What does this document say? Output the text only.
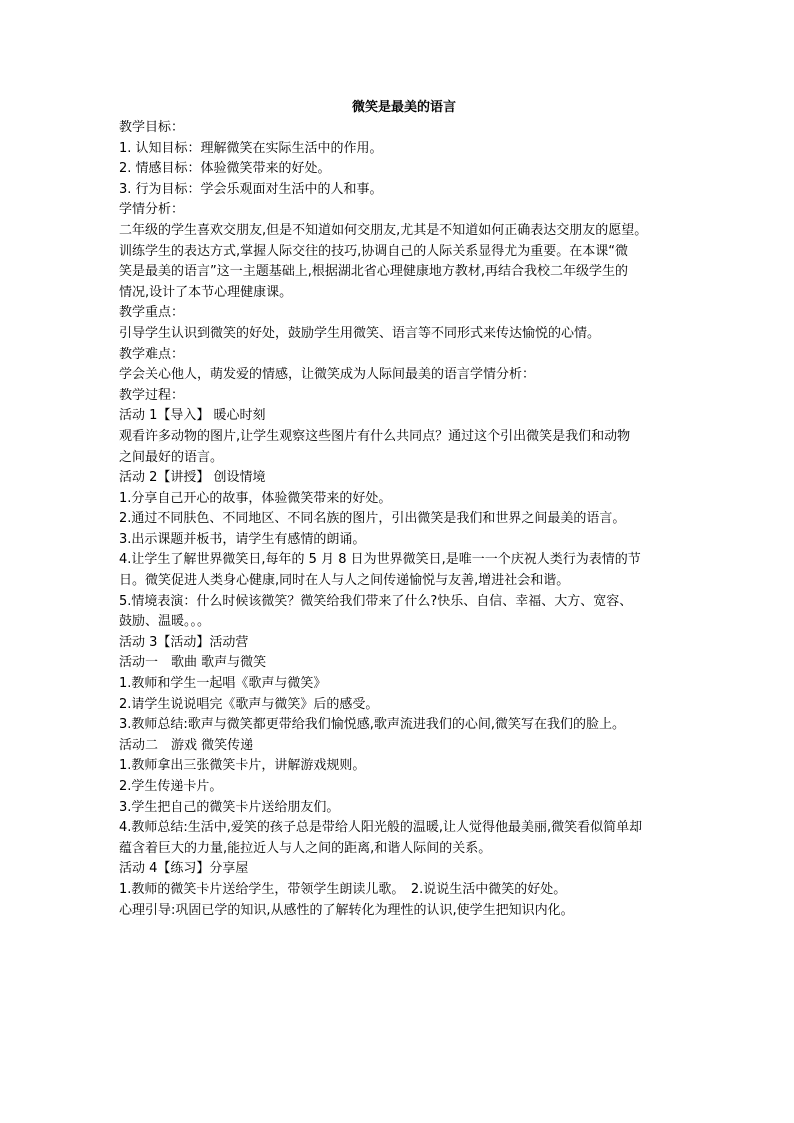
微笑是最美的语言

教学目标：

1. 认知目标：理解微笑在实际生活中的作用。

2. 情感目标：体验微笑带来的好处。

3. 行为目标：学会乐观面对生活中的人和事。

学情分析：

二年级的学生喜欢交朋友,但是不知道如何交朋友,尤其是不知道如何正确表达交朋友的愿望。

训练学生的表达方式,掌握人际交往的技巧,协调自己的人际关系显得尤为重要。在本课“微

笑是最美的语言”这一主题基础上,根据湖北省心理健康地方教材,再结合我校二年级学生的

情况,设计了本节心理健康课。

教学重点：

引导学生认识到微笑的好处，鼓励学生用微笑、语言等不同形式来传达愉悦的心情。

教学难点：

学会关心他人，萌发爱的情感，让微笑成为人际间最美的语言学情分析：

教学过程：

活动 1【导入】 暖心时刻

观看许多动物的图片,让学生观察这些图片有什么共同点？通过这个引出微笑是我们和动物

之间最好的语言。

活动 2【讲授】 创设情境

1.分享自己开心的故事，体验微笑带来的好处。

2.通过不同肤色、不同地区、不同名族的图片，引出微笑是我们和世界之间最美的语言。

3.出示课题并板书，请学生有感情的朗诵。

4.让学生了解世界微笑日,每年的 5 月 8 日为世界微笑日,是唯一一个庆祝人类行为表情的节

日。微笑促进人类身心健康,同时在人与人之间传递愉悦与友善,增进社会和谐。

5.情境表演：什么时候该微笑？微笑给我们带来了什么?快乐、自信、幸福、大方、宽容、

鼓励、温暖。。。

活动 3【活动】活动营

活动一　歌曲 歌声与微笑

1.教师和学生一起唱《歌声与微笑》

2.请学生说说唱完《歌声与微笑》后的感受。

3.教师总结:歌声与微笑都更带给我们愉悦感,歌声流进我们的心间,微笑写在我们的脸上。

活动二　游戏 微笑传递

1.教师拿出三张微笑卡片，讲解游戏规则。

2.学生传递卡片。

3.学生把自己的微笑卡片送给朋友们。

4.教师总结:生活中,爱笑的孩子总是带给人阳光般的温暖,让人觉得他最美丽,微笑看似简单却

蕴含着巨大的力量,能拉近人与人之间的距离,和谐人际间的关系。

活动 4【练习】分享屋

1.教师的微笑卡片送给学生，带领学生朗读儿歌。　2.说说生活中微笑的好处。

心理引导:巩固已学的知识,从感性的了解转化为理性的认识,使学生把知识内化。
